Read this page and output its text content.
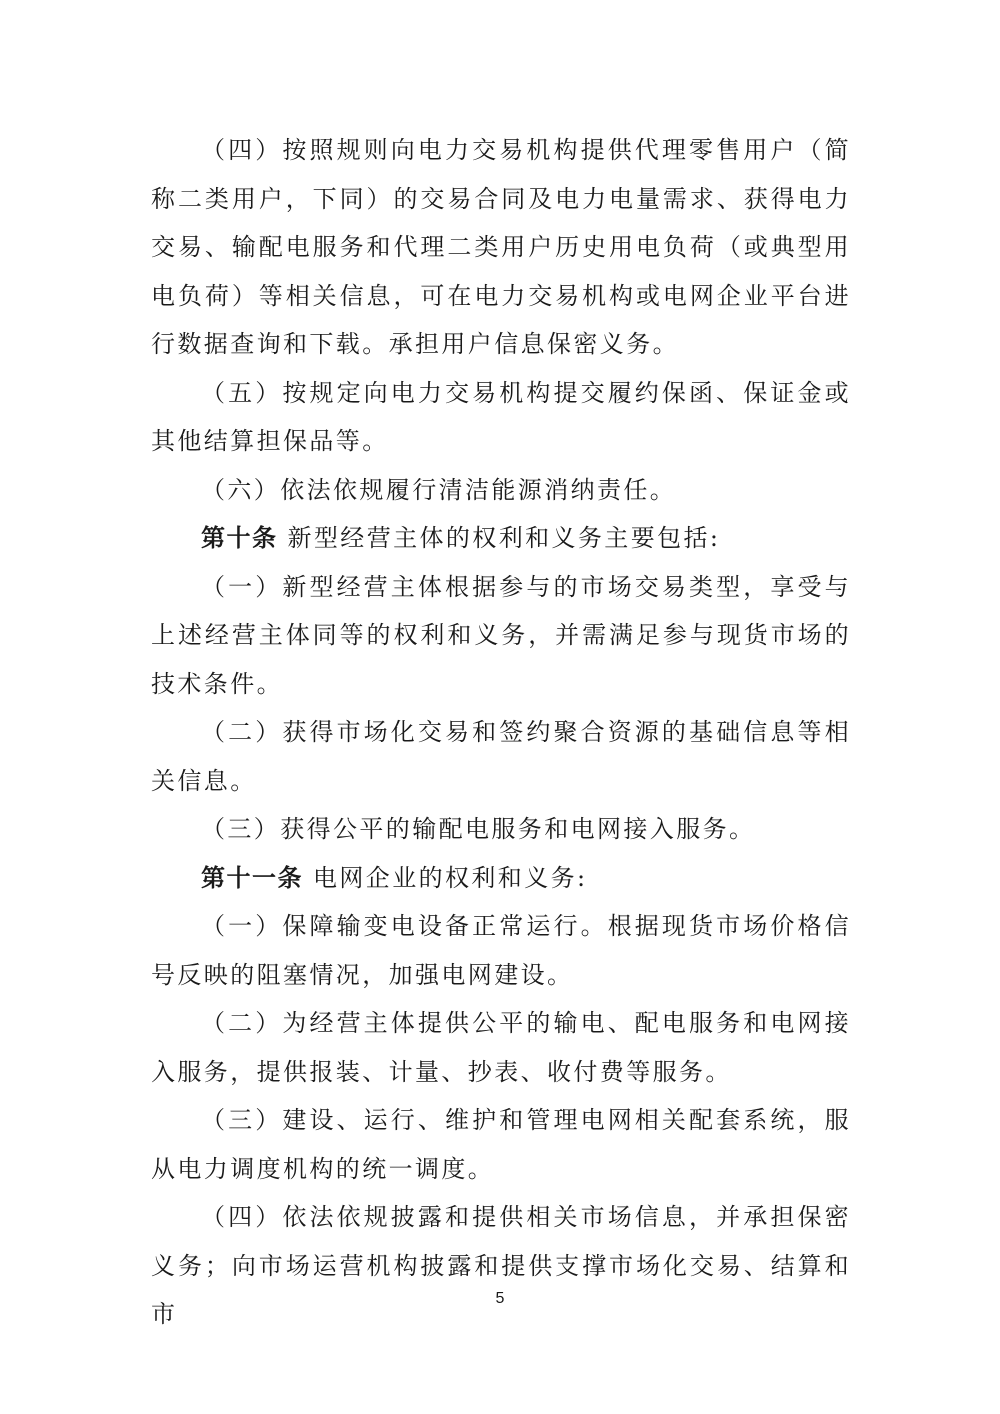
（四）按照规则向电力交易机构提供代理零售用户（简称二类用户，下同）的交易合同及电力电量需求、获得电力交易、输配电服务和代理二类用户历史用电负荷（或典型用电负荷）等相关信息，可在电力交易机构或电网企业平台进行数据查询和下载。承担用户信息保密义务。

（五）按规定向电力交易机构提交履约保函、保证金或其他结算担保品等。

（六）依法依规履行清洁能源消纳责任。

第十条 新型经营主体的权利和义务主要包括:

（一）新型经营主体根据参与的市场交易类型，享受与上述经营主体同等的权利和义务，并需满足参与现货市场的技术条件。

（二）获得市场化交易和签约聚合资源的基础信息等相关信息。

（三）获得公平的输配电服务和电网接入服务。

第十一条 电网企业的权利和义务:

（一）保障输变电设备正常运行。根据现货市场价格信号反映的阻塞情况，加强电网建设。

（二）为经营主体提供公平的输电、配电服务和电网接入服务，提供报装、计量、抄表、收付费等服务。

（三）建设、运行、维护和管理电网相关配套系统，服从电力调度机构的统一调度。

（四）依法依规披露和提供相关市场信息，并承担保密义务；向市场运营机构披露和提供支撑市场化交易、结算和市

5
